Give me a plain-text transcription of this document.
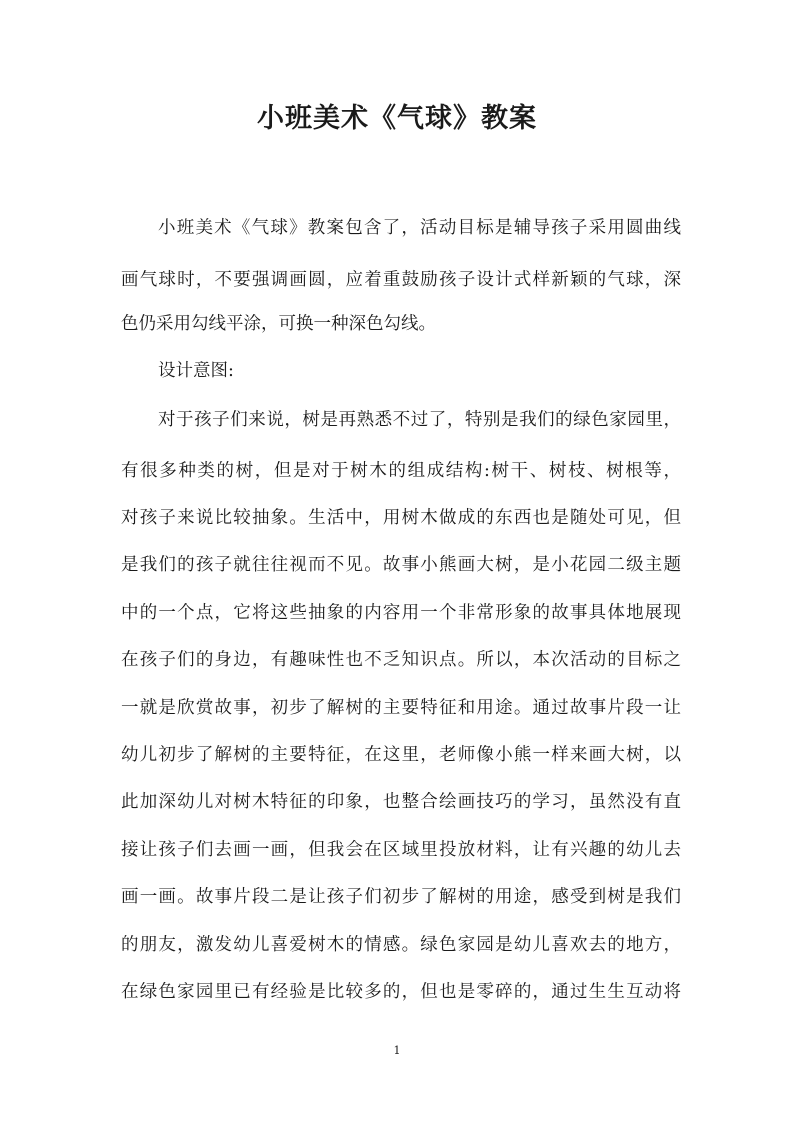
小班美术《气球》教案
小班美术《气球》教案包含了，活动目标是辅导孩子采用圆曲线
画气球时，不要强调画圆，应着重鼓励孩子设计式样新颖的气球，深
色仍采用勾线平涂，可换一种深色勾线。
设计意图:
对于孩子们来说，树是再熟悉不过了，特别是我们的绿色家园里，
有很多种类的树，但是对于树木的组成结构:树干、树枝、树根等，
对孩子来说比较抽象。生活中，用树木做成的东西也是随处可见，但
是我们的孩子就往往视而不见。故事小熊画大树，是小花园二级主题
中的一个点，它将这些抽象的内容用一个非常形象的故事具体地展现
在孩子们的身边，有趣味性也不乏知识点。所以，本次活动的目标之
一就是欣赏故事，初步了解树的主要特征和用途。通过故事片段一让
幼儿初步了解树的主要特征，在这里，老师像小熊一样来画大树，以
此加深幼儿对树木特征的印象，也整合绘画技巧的学习，虽然没有直
接让孩子们去画一画，但我会在区域里投放材料，让有兴趣的幼儿去
画一画。故事片段二是让孩子们初步了解树的用途，感受到树是我们
的朋友，激发幼儿喜爱树木的情感。绿色家园是幼儿喜欢去的地方，
在绿色家园里已有经验是比较多的，但也是零碎的，通过生生互动将
1
